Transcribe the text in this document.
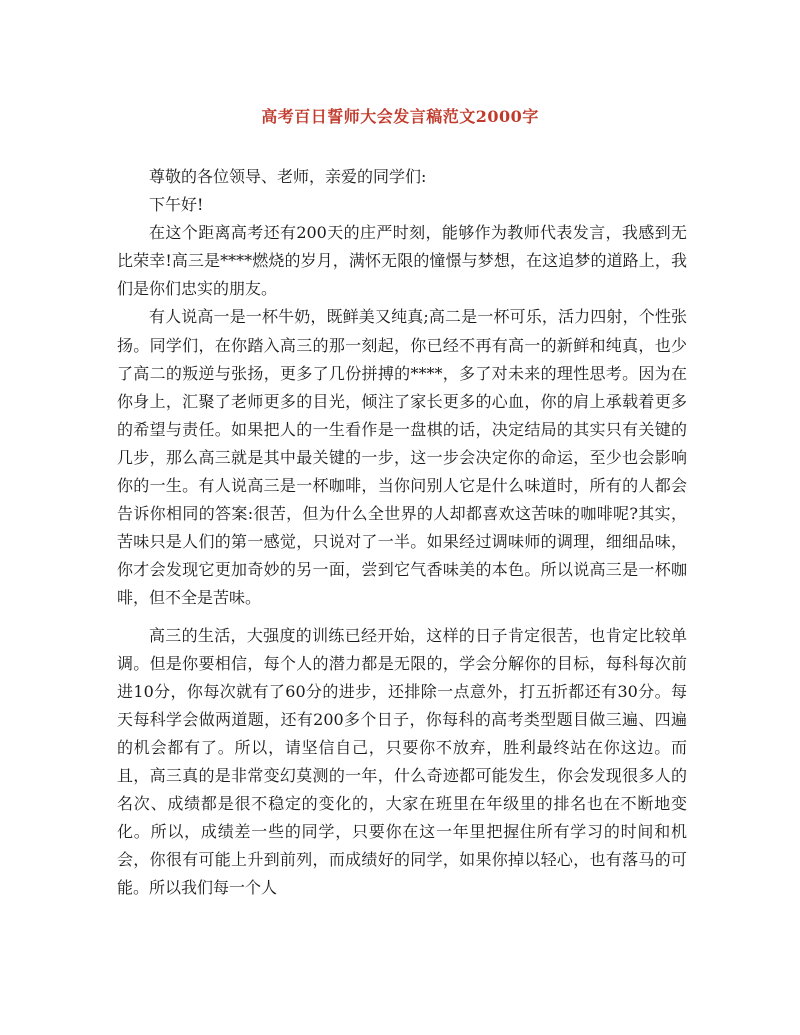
高考百日誓师大会发言稿范文2000字

尊敬的各位领导、老师，亲爱的同学们:

下午好!

在这个距离高考还有200天的庄严时刻，能够作为教师代表发言，我感到无比荣幸!高三是****燃烧的岁月，满怀无限的憧憬与梦想，在这追梦的道路上，我们是你们忠实的朋友。

有人说高一是一杯牛奶，既鲜美又纯真;高二是一杯可乐，活力四射，个性张扬。同学们，在你踏入高三的那一刻起，你已经不再有高一的新鲜和纯真，也少了高二的叛逆与张扬，更多了几份拼搏的****，多了对未来的理性思考。因为在你身上，汇聚了老师更多的目光，倾注了家长更多的心血，你的肩上承载着更多的希望与责任。如果把人的一生看作是一盘棋的话，决定结局的其实只有关键的几步，那么高三就是其中最关键的一步，这一步会决定你的命运，至少也会影响你的一生。有人说高三是一杯咖啡，当你问别人它是什么味道时，所有的人都会告诉你相同的答案:很苦，但为什么全世界的人却都喜欢这苦味的咖啡呢?其实，苦味只是人们的第一感觉，只说对了一半。如果经过调味师的调理，细细品味，你才会发现它更加奇妙的另一面，尝到它气香味美的本色。所以说高三是一杯咖啡，但不全是苦味。

高三的生活，大强度的训练已经开始，这样的日子肯定很苦，也肯定比较单调。但是你要相信，每个人的潜力都是无限的，学会分解你的目标，每科每次前进10分，你每次就有了60分的进步，还排除一点意外，打五折都还有30分。每天每科学会做两道题，还有200多个日子，你每科的高考类型题目做三遍、四遍的机会都有了。所以，请坚信自己，只要你不放弃，胜利最终站在你这边。而且，高三真的是非常变幻莫测的一年，什么奇迹都可能发生，你会发现很多人的名次、成绩都是很不稳定的变化的，大家在班里在年级里的排名也在不断地变化。所以，成绩差一些的同学，只要你在这一年里把握住所有学习的时间和机会，你很有可能上升到前列，而成绩好的同学，如果你掉以轻心，也有落马的可能。所以我们每一个人
